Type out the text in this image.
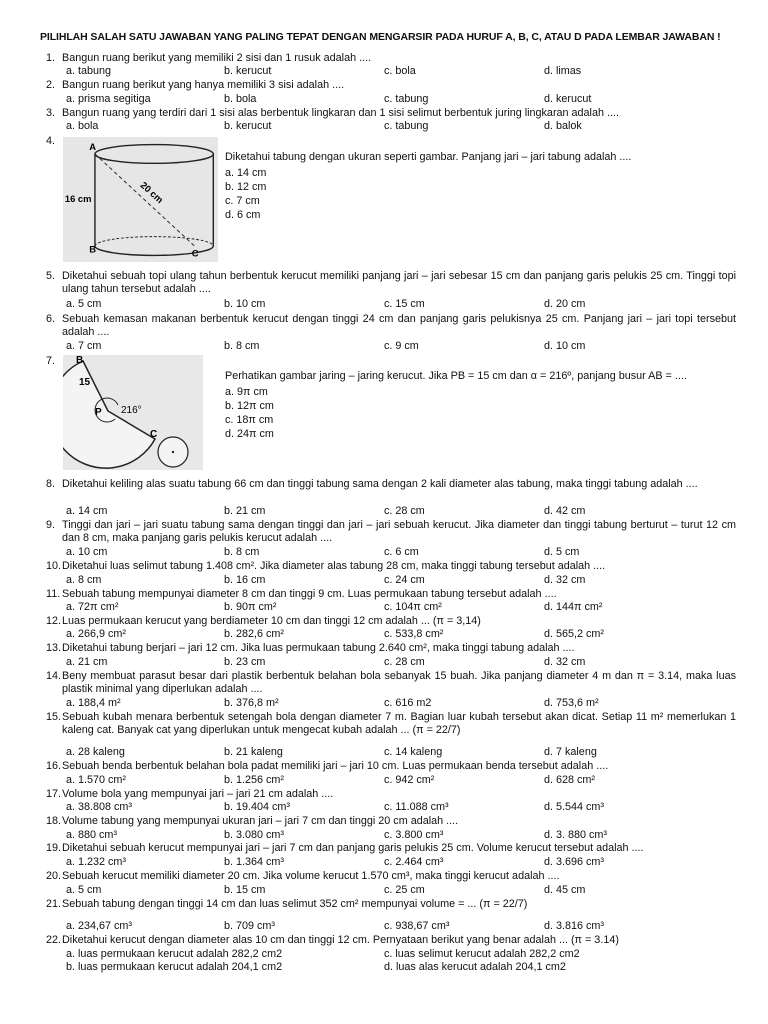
PILIHLAH SALAH SATU JAWABAN YANG PALING TEPAT DENGAN MENGARSIR PADA HURUF A, B, C, ATAU D PADA LEMBAR JAWABAN !
1. Bangun ruang berikut yang memiliki 2 sisi dan 1 rusuk adalah ....
a. tabung	b. kerucut	c. bola	d. limas
2. Bangun ruang berikut yang hanya memiliki 3 sisi adalah ....
a. prisma segitiga	b. bola	c. tabung	d. kerucut
3. Bangun ruang yang terdiri dari 1 sisi alas berbentuk lingkaran dan 1 sisi selimut berbentuk juring lingkaran adalah ....
a. bola	b. kerucut	c. tabung	d. balok
4.
Diketahui tabung dengan ukuran seperti gambar. Panjang jari – jari tabung adalah ....
a. 14 cm
b. 12 cm
c. 7 cm
d. 6 cm
A
B	C
16 cm	20 cm
5. Diketahui sebuah topi ulang tahun berbentuk kerucut memiliki panjang jari – jari sebesar 15 cm dan panjang garis pelukis 25 cm. Tinggi topi ulang tahun tersebut adalah ....
a. 5 cm	b. 10 cm	c. 15 cm	d. 20 cm
6. Sebuah kemasan makanan berbentuk kerucut dengan tinggi 24 cm dan panjang garis pelukisnya 25 cm. Panjang jari – jari topi tersebut adalah ....
a. 7 cm	b. 8 cm	c. 9 cm	d. 10 cm
7.
Perhatikan gambar jaring – jaring kerucut. Jika PB = 15 cm dan α = 216º, panjang busur AB = ....
a. 9π cm
b. 12π cm
c. 18π cm
d. 24π cm
B
15
P 216°
C
8. Diketahui keliling alas suatu tabung 66 cm dan tinggi tabung sama dengan 2 kali diameter alas tabung, maka tinggi tabung adalah ....
a. 14 cm	b. 21 cm	c. 28 cm	d. 42 cm
9. Tinggi dan jari – jari suatu tabung sama dengan tinggi dan jari – jari sebuah kerucut. Jika diameter dan tinggi tabung berturut – turut 12 cm dan 8 cm, maka panjang garis pelukis kerucut adalah ....
a. 10 cm	b. 8 cm	c. 6 cm	d. 5 cm
10. Diketahui luas selimut tabung 1.408 cm². Jika diameter alas tabung 28 cm, maka tinggi tabung tersebut adalah ....
a. 8 cm	b. 16 cm	c. 24 cm	d. 32 cm
11. Sebuah tabung mempunyai diameter 8 cm dan tinggi 9 cm. Luas permukaan tabung tersebut adalah ....
a. 72π cm²	b. 90π cm²	c. 104π cm²	d. 144π cm²
12. Luas permukaan kerucut yang berdiameter 10 cm dan tinggi 12 cm adalah ... (π = 3,14)
a. 266,9 cm²	b. 282,6 cm²	c. 533,8 cm²	d. 565,2 cm²
13. Diketahui tabung berjari – jari 12 cm. Jika luas permukaan tabung 2.640 cm², maka tinggi tabung adalah ....
a. 21 cm	b. 23 cm	c. 28 cm	d. 32 cm
14. Beny membuat parasut besar dari plastik berbentuk belahan bola sebanyak 15 buah. Jika panjang diameter 4 m dan π = 3.14, maka luas plastik minimal yang diperlukan adalah ....
a. 188,4 m²	b. 376,8 m²	c. 616 m2	d. 753,6 m²
15. Sebuah kubah menara berbentuk setengah bola dengan diameter 7 m. Bagian luar kubah tersebut akan dicat. Setiap 11 m² memerlukan 1 kaleng cat. Banyak cat yang diperlukan untuk mengecat kubah adalah ... (π = 22/7)
a. 28 kaleng	b. 21 kaleng	c. 14 kaleng	d. 7 kaleng
16. Sebuah benda berbentuk belahan bola padat memiliki jari – jari 10 cm. Luas permukaan benda tersebut adalah ....
a. 1.570 cm²	b. 1.256 cm²	c. 942 cm²	d. 628 cm²
17. Volume bola yang mempunyai jari – jari 21 cm adalah ....
a. 38.808 cm³	b. 19.404 cm³	c. 11.088 cm³	d. 5.544 cm³
18. Volume tabung yang mempunyai ukuran jari – jari 7 cm dan tinggi 20 cm adalah ....
a. 880 cm³	b. 3.080 cm³	c. 3.800 cm³	d. 3. 880 cm³
19. Diketahui sebuah kerucut mempunyai jari – jari 7 cm dan panjang garis pelukis 25 cm. Volume kerucut tersebut adalah ....
a. 1.232 cm³	b. 1.364 cm³	c. 2.464 cm³	d. 3.696 cm³
20. Sebuah kerucut memiliki diameter 20 cm. Jika volume kerucut 1.570 cm³, maka tinggi kerucut adalah ....
a. 5 cm	b. 15 cm	c. 25 cm	d. 45 cm
21. Sebuah tabung dengan tinggi 14 cm dan luas selimut 352 cm² mempunyai volume = ... (π = 22/7)
a. 234,67 cm³	b. 709 cm³	c. 938,67 cm³	d. 3.816 cm³
22. Diketahui kerucut dengan diameter alas 10 cm dan tinggi 12 cm. Pernyataan berikut yang benar adalah ... (π = 3.14)
a. luas permukaan kerucut adalah 282,2 cm2
b. luas permukaan kerucut adalah 204,1 cm2
c. luas selimut kerucut adalah 282,2 cm2
d. luas alas kerucut adalah 204,1 cm2
